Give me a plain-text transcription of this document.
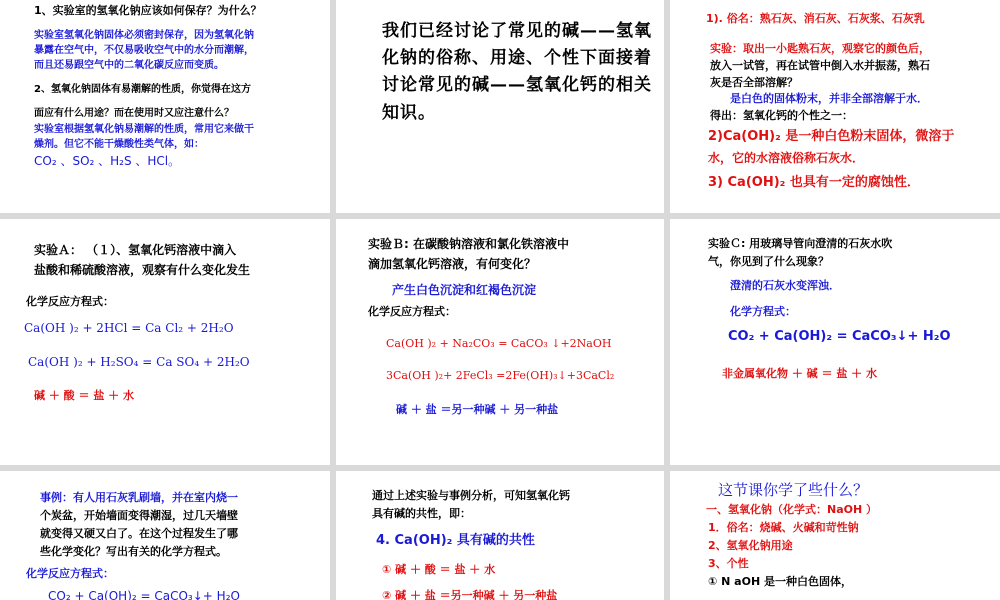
1、实验室的氢氧化钠应该如何保存？为什么？
实验室氢氧化钠固体必须密封保存，因为氢氧化钠
暴露在空气中，不仅易吸收空气中的水分而潮解，
而且还易跟空气中的二氧化碳反应而变质。
2、氢氧化钠固体有易潮解的性质，你觉得在这方
面应有什么用途？而在使用时又应注意什么？
实验室根据氢氧化钠易潮解的性质，常用它来做干
燥剂。但它不能干燥酸性类气体，如：
CO₂ 、SO₂ 、H₂S 、HCl。
我们已经讨论了常见的碱——氢氧化钠的俗称、用途、个性下面接着讨论常见的碱——氢氧化钙的相关知识。
1). 俗名：熟石灰、消石灰、石灰浆、石灰乳
实验：取出一小匙熟石灰，观察它的颜色后，
放入一试管，再在试管中倒入水并振荡，熟石
灰是否全部溶解？
是白色的固体粉末，并非全部溶解于水．
得出：氢氧化钙的个性之一：
2)Ca(OH)₂ 是一种白色粉末固体，微溶于
水，它的水溶液俗称石灰水．
3) Ca(OH)₂ 也具有一定的腐蚀性．
实验Ａ： （１）、氢氧化钙溶液中滴入
盐酸和稀硫酸溶液，观察有什么变化发生
化学反应方程式：
Ca(OH )₂ + 2HCl = Ca Cl₂ + 2H₂O
Ca(OH )₂ + H₂SO₄ = Ca SO₄ + 2H₂O
碱 ＋ 酸 ＝ 盐 ＋ 水
实验Ｂ: 在碳酸钠溶液和氯化铁溶液中
滴加氢氧化钙溶液，有何变化？
产生白色沉淀和红褐色沉淀
化学反应方程式：
Ca(OH )₂ + Na₂CO₃ = CaCO₃ ↓+2NaOH
3Ca(OH )₂+ 2FeCl₃ =2Fe(OH)₃↓+3CaCl₂
碱 ＋ 盐 ＝另一种碱 ＋ 另一种盐
实验Ｃ: 用玻璃导管向澄清的石灰水吹
气，你见到了什么现象？
澄清的石灰水变浑浊．
化学方程式：
CO₂ + Ca(OH)₂ = CaCO₃↓+ H₂O
非金属氧化物 ＋ 碱 ＝ 盐 ＋ 水
事例：有人用石灰乳刷墙，并在室内烧一
个炭盆，开始墙面变得潮湿，过几天墙壁
就变得又硬又白了。在这个过程发生了哪
些化学变化？写出有关的化学方程式。
化学反应方程式：
CO₂ + Ca(OH)₂ = CaCO₃↓+ H₂O
通过上述实验与事例分析，可知氢氧化钙
具有碱的共性，即：
4. Ca(OH)₂ 具有碱的共性
① 碱 ＋ 酸 ＝ 盐 ＋ 水
② 碱 ＋ 盐 ＝另一种碱 ＋ 另一种盐
这节课你学了些什么？
一、氢氧化钠（化学式：NaOH ）
1．俗名：烧碱、火碱和苛性钠
2、氢氧化钠用途
3、个性
① N aOH 是一种白色固体，
